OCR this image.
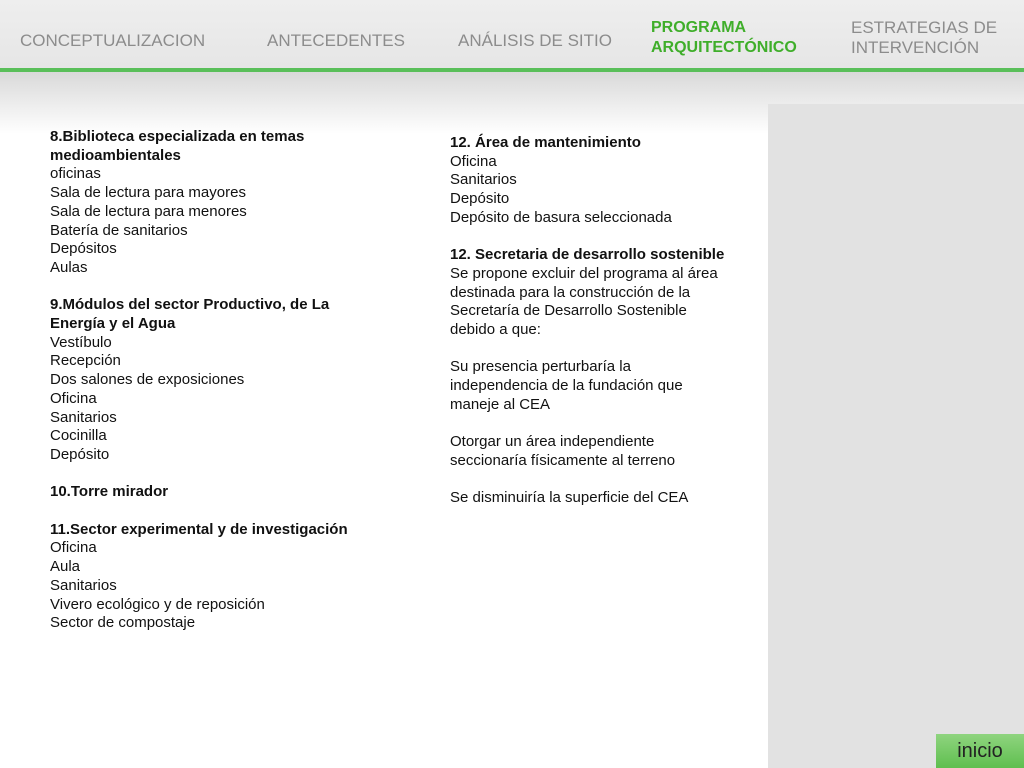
CONCEPTUALIZACION	ANTECEDENTES	ANÁLISIS DE SITIO
PROGRAMA
ARQUITECTÓNICO
ESTRATEGIAS DE
INTERVENCIÓN
inicio
8.Biblioteca especializada en temas
medioambientales
oficinas
Sala de lectura para mayores
Sala de lectura para menores
Batería de sanitarios
Depósitos
Aulas
9.Módulos del sector Productivo, de La
Energía y el Agua
Vestíbulo
Recepción
Dos salones de exposiciones
Oficina
Sanitarios
Cocinilla
Depósito
10.Torre mirador
11.Sector experimental y de investigación
Oficina
Aula
Sanitarios
Vivero ecológico y de reposición
Sector de compostaje
12. Área de mantenimiento
Oficina
Sanitarios
Depósito
Depósito de basura seleccionada
12. Secretaria de desarrollo sostenible
Se propone excluir del programa al área
destinada para la construcción de la
Secretaría de Desarrollo Sostenible
debido a que:
Su presencia perturbaría la
independencia de la fundación que
maneje al CEA
Otorgar un área independiente
seccionaría físicamente al terreno
Se disminuiría la superficie del CEA
